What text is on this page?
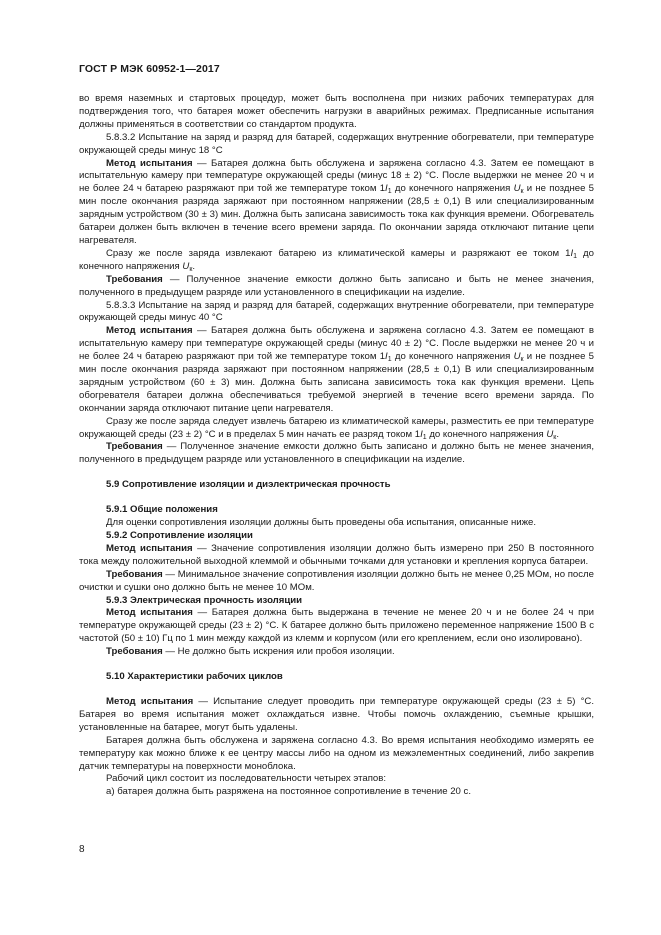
ГОСТ Р МЭК 60952-1—2017

во время наземных и стартовых процедур, может быть восполнена при низких рабочих температурах для подтверждения того, что батарея может обеспечить нагрузки в аварийных режимах. Предписанные испытания должны применяться в соответствии со стандартом продукта.

5.8.3.2 Испытание на заряд и разряд для батарей, содержащих внутренние обогреватели, при температуре окружающей среды минус 18 °С

Метод испытания — Батарея должна быть обслужена и заряжена согласно 4.3. Затем ее помещают в испытательную камеру при температуре окружающей среды (минус 18 ± 2) °С. После выдержки не менее 20 ч и не более 24 ч батарею разряжают при той же температуре током $1I_1$ до конечного напряжения $U_к$ и не позднее 5 мин после окончания разряда заряжают при постоянном напряжении (28,5 ± 0,1) В или специализированным зарядным устройством (30 ± 3) мин. Должна быть записана зависимость тока как функция времени. Обогреватель батареи должен быть включен в течение всего времени заряда. По окончании заряда отключают питание цепи нагревателя.

Сразу же после заряда извлекают батарею из климатической камеры и разряжают ее током $1I_1$ до конечного напряжения $U_к$.

Требования — Полученное значение емкости должно быть записано и быть не менее значения, полученного в предыдущем разряде или установленного в спецификации на изделие.

5.8.3.3 Испытание на заряд и разряд для батарей, содержащих внутренние обогреватели, при температуре окружающей среды минус 40 °С

Метод испытания — Батарея должна быть обслужена и заряжена согласно 4.3. Затем ее помещают в испытательную камеру при температуре окружающей среды (минус 40 ± 2) °С. После выдержки не менее 20 ч и не более 24 ч батарею разряжают при той же температуре током $1I_1$ до конечного напряжения $U_к$ и не позднее 5 мин после окончания разряда заряжают при постоянном напряжении (28,5 ± 0,1) В или специализированным зарядным устройством (60 ± 3) мин. Должна быть записана зависимость тока как функция времени. Цепь обогревателя батареи должна обеспечиваться требуемой энергией в течение всего времени заряда. По окончании заряда отключают питание цепи нагревателя.

Сразу же после заряда следует извлечь батарею из климатической камеры, разместить ее при температуре окружающей среды (23 ± 2) °С и в пределах 5 мин начать ее разряд током $1I_1$ до конечного напряжения $U_к$.

Требования — Полученное значение емкости должно быть записано и должно быть не менее значения, полученного в предыдущем разряде или установленного в спецификации на изделие.

5.9 Сопротивление изоляции и диэлектрическая прочность

5.9.1 Общие положения

Для оценки сопротивления изоляции должны быть проведены оба испытания, описанные ниже.

5.9.2 Сопротивление изоляции

Метод испытания — Значение сопротивления изоляции должно быть измерено при 250 В постоянного тока между положительной выходной клеммой и обычными точками для установки и крепления корпуса батареи.

Требования — Минимальное значение сопротивления изоляции должно быть не менее 0,25 МОм, но после очистки и сушки оно должно быть не менее 10 МОм.

5.9.3 Электрическая прочность изоляции

Метод испытания — Батарея должна быть выдержана в течение не менее 20 ч и не более 24 ч при температуре окружающей среды (23 ± 2) °С. К батарее должно быть приложено переменное напряжение 1500 В с частотой (50 ± 10) Гц по 1 мин между каждой из клемм и корпусом (или его креплением, если оно изолировано).

Требования — Не должно быть искрения или пробоя изоляции.

5.10 Характеристики рабочих циклов

Метод испытания — Испытание следует проводить при температуре окружающей среды (23 ± 5) °С. Батарея во время испытания может охлаждаться извне. Чтобы помочь охлаждению, съемные крышки, установленные на батарее, могут быть удалены.

Батарея должна быть обслужена и заряжена согласно 4.3. Во время испытания необходимо измерять ее температуру как можно ближе к ее центру массы либо на одном из межэлементных соединений, либо закрепив датчик температуры на поверхности моноблока.

Рабочий цикл состоит из последовательности четырех этапов:

а) батарея должна быть разряжена на постоянное сопротивление в течение 20 с.

8
